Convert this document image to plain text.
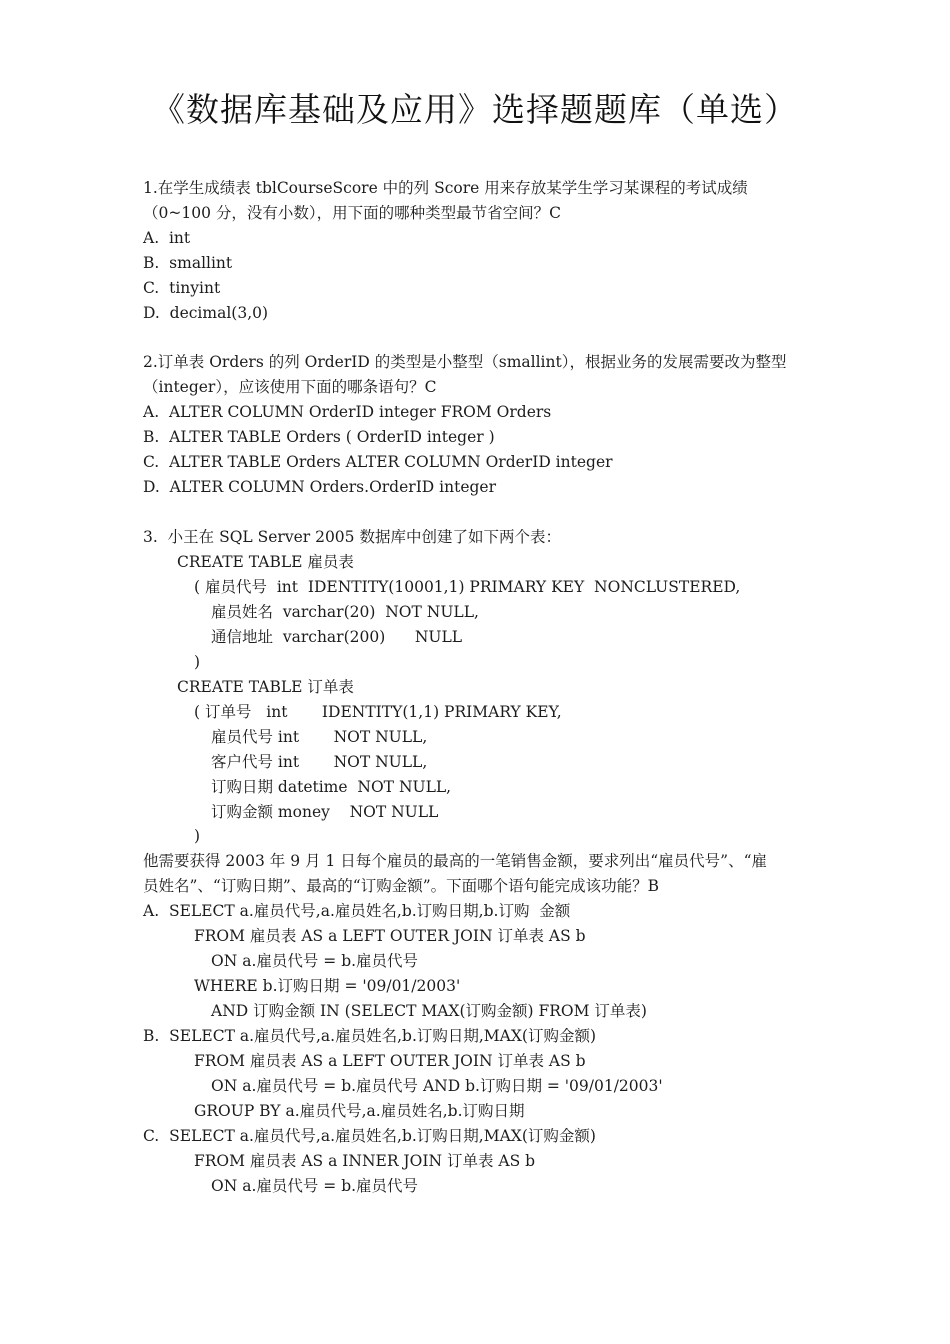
《数据库基础及应用》选择题题库（单选）
1.在学生成绩表 tblCourseScore 中的列 Score 用来存放某学生学习某课程的考试成绩
（0~100 分，没有小数），用下面的哪种类型最节省空间？C
A.  int
B.  smallint
C.  tinyint
D.  decimal(3,0)
2.订单表 Orders 的列 OrderID 的类型是小整型（smallint），根据业务的发展需要改为整型
（integer），应该使用下面的哪条语句？C
A.  ALTER COLUMN OrderID integer FROM Orders
B.  ALTER TABLE Orders ( OrderID integer )
C.  ALTER TABLE Orders ALTER COLUMN OrderID integer
D.  ALTER COLUMN Orders.OrderID integer
3.  小王在 SQL Server 2005 数据库中创建了如下两个表：
CREATE TABLE 雇员表
( 雇员代号  int  IDENTITY(10001,1) PRIMARY KEY  NONCLUSTERED,
雇员姓名  varchar(20)  NOT NULL,
通信地址  varchar(200)      NULL
)
CREATE TABLE 订单表
( 订单号   int       IDENTITY(1,1) PRIMARY KEY,
雇员代号 int       NOT NULL,
客户代号 int       NOT NULL,
订购日期 datetime  NOT NULL,
订购金额 money    NOT NULL
)
他需要获得 2003 年 9 月 1 日每个雇员的最高的一笔销售金额，要求列出“雇员代号”、“雇
员姓名”、“订购日期”、最高的“订购金额”。下面哪个语句能完成该功能？B
A.  SELECT a.雇员代号,a.雇员姓名,b.订购日期,b.订购  金额
FROM 雇员表 AS a LEFT OUTER JOIN 订单表 AS b
ON a.雇员代号 = b.雇员代号
WHERE b.订购日期 = '09/01/2003'
AND 订购金额 IN (SELECT MAX(订购金额) FROM 订单表)
B.  SELECT a.雇员代号,a.雇员姓名,b.订购日期,MAX(订购金额)
FROM 雇员表 AS a LEFT OUTER JOIN 订单表 AS b
ON a.雇员代号 = b.雇员代号 AND b.订购日期 = '09/01/2003'
GROUP BY a.雇员代号,a.雇员姓名,b.订购日期
C.  SELECT a.雇员代号,a.雇员姓名,b.订购日期,MAX(订购金额)
FROM 雇员表 AS a INNER JOIN 订单表 AS b
ON a.雇员代号 = b.雇员代号
